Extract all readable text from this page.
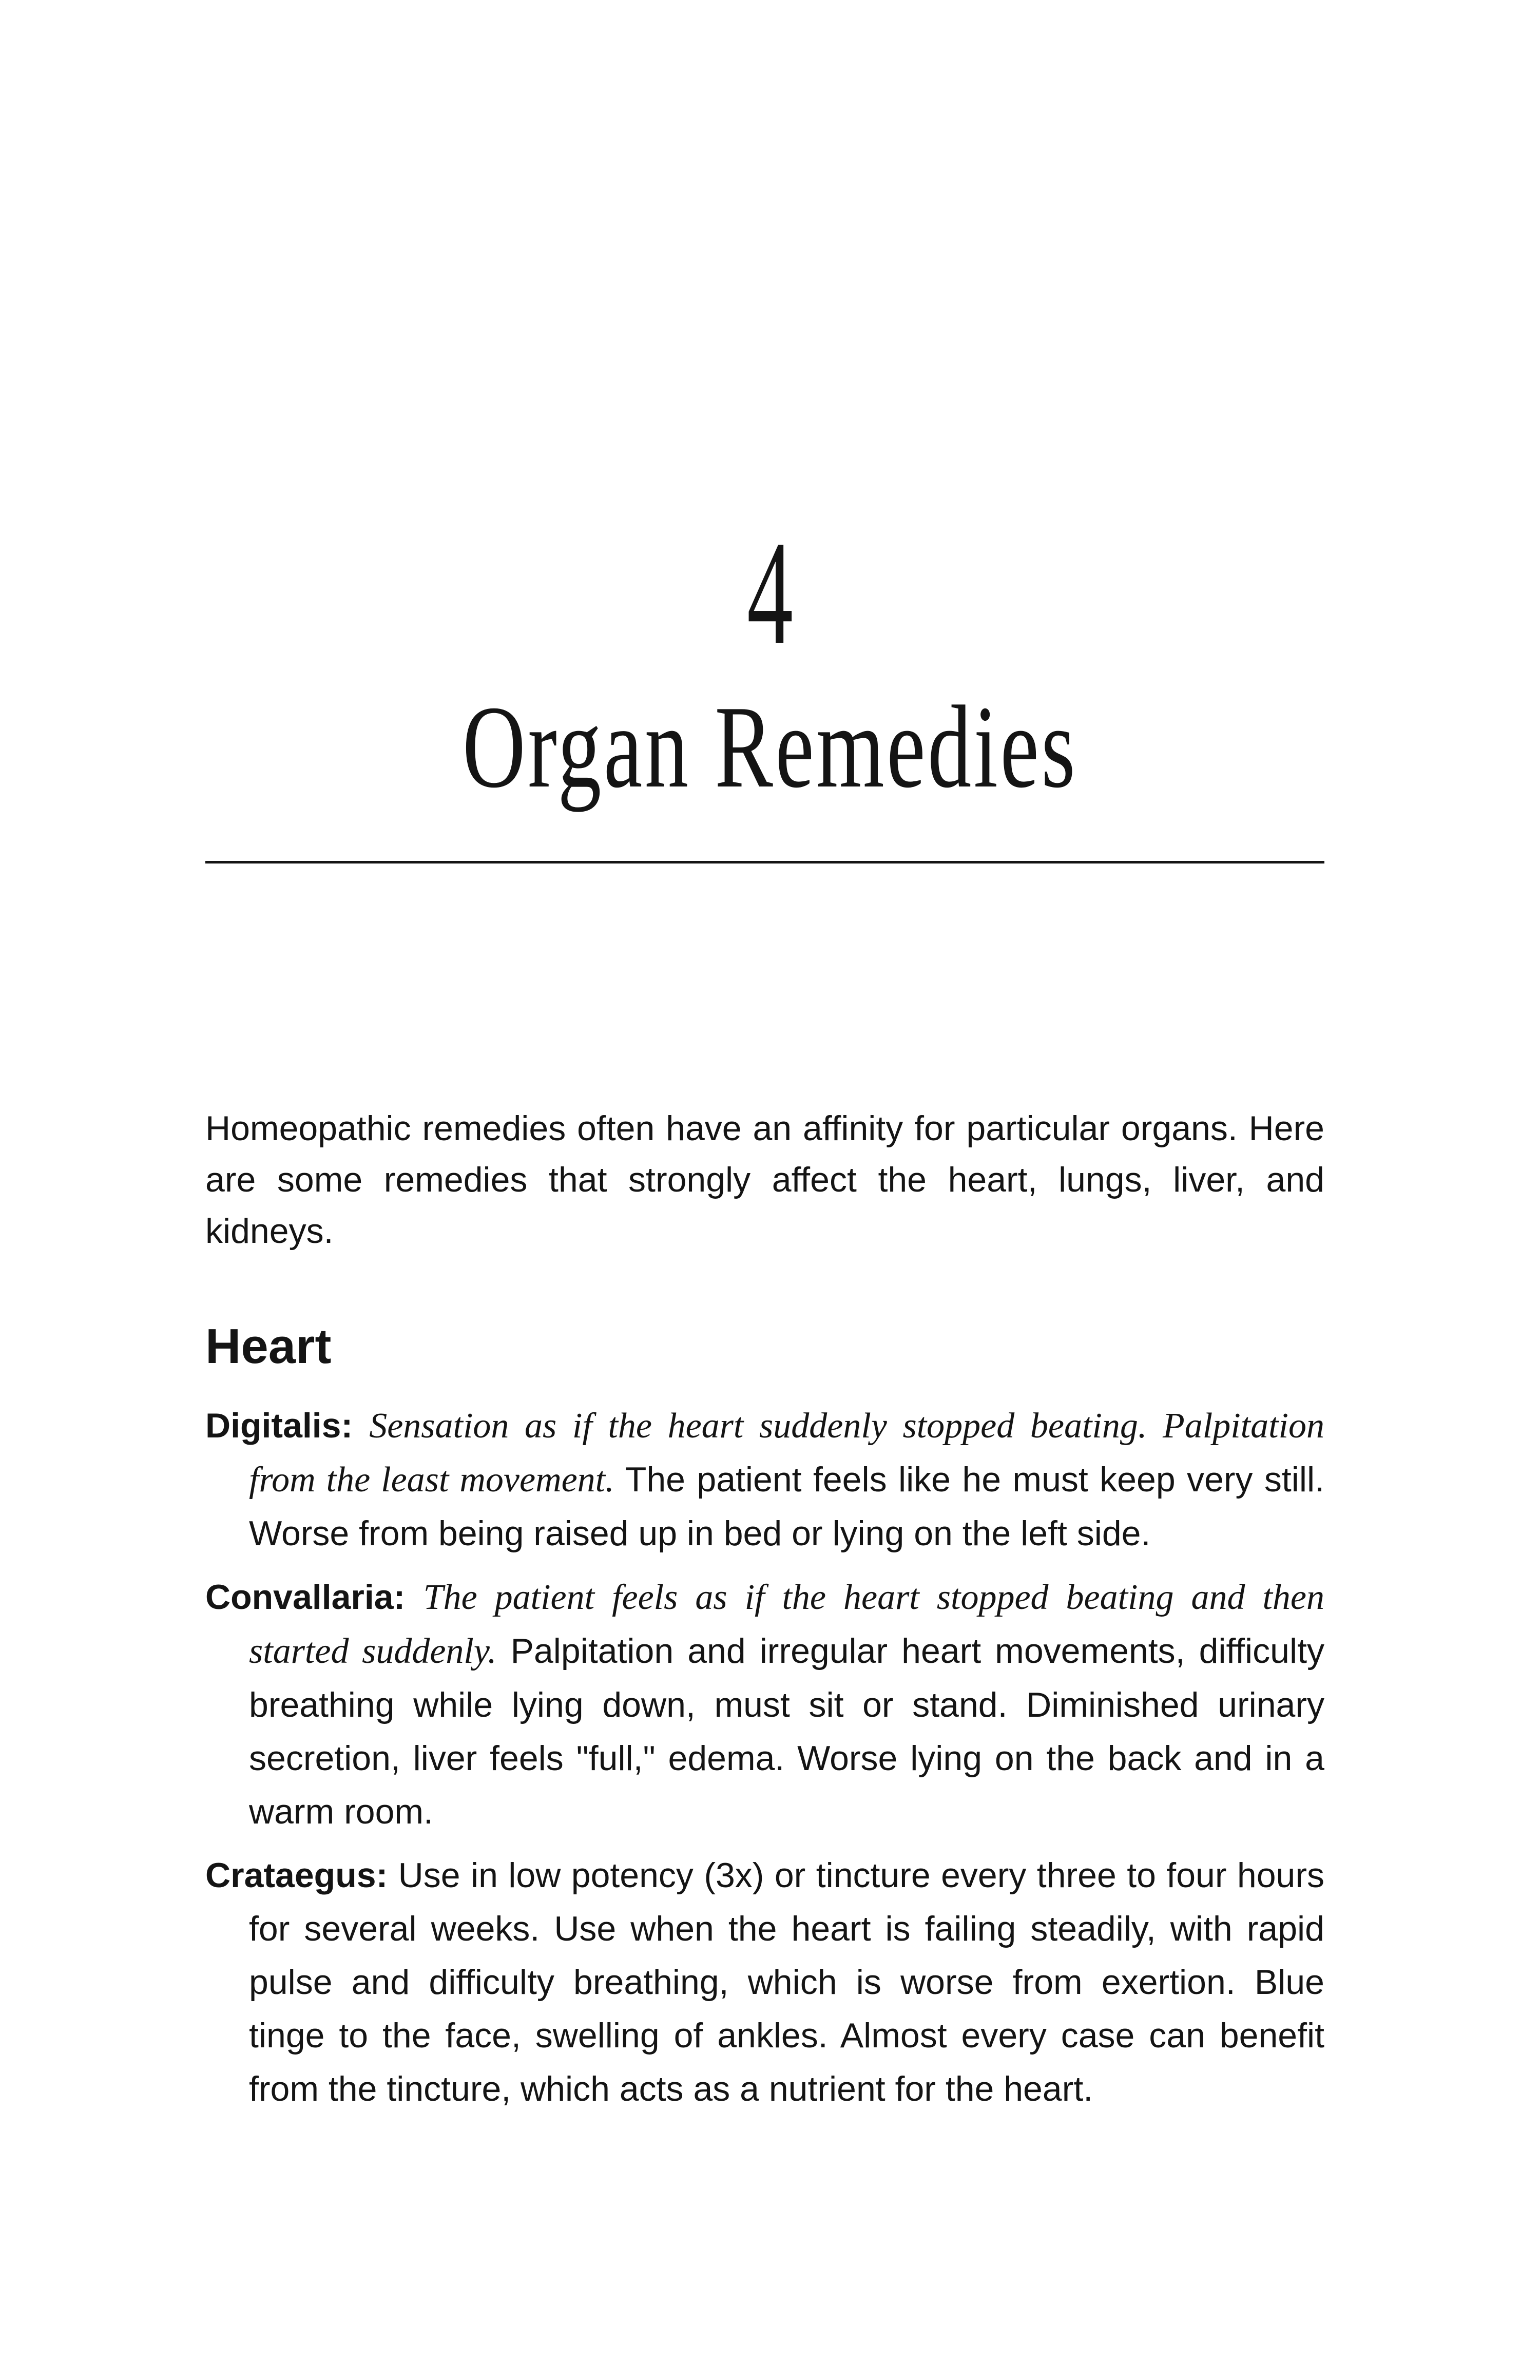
4
Organ Remedies

Homeopathic remedies often have an affinity for particular organs. Here are some remedies that strongly affect the heart, lungs, liver, and kidneys.

Heart

Digitalis: Sensation as if the heart suddenly stopped beating. Palpitation from the least movement. The patient feels like he must keep very still. Worse from being raised up in bed or lying on the left side.

Convallaria: The patient feels as if the heart stopped beating and then started suddenly. Palpitation and irregular heart movements, difficulty breathing while lying down, must sit or stand. Diminished urinary secretion, liver feels "full," edema. Worse lying on the back and in a warm room.

Crataegus: Use in low potency (3x) or tincture every three to four hours for several weeks. Use when the heart is failing steadily, with rapid pulse and difficulty breathing, which is worse from exertion. Blue tinge to the face, swelling of ankles. Almost every case can benefit from the tincture, which acts as a nutrient for the heart.
